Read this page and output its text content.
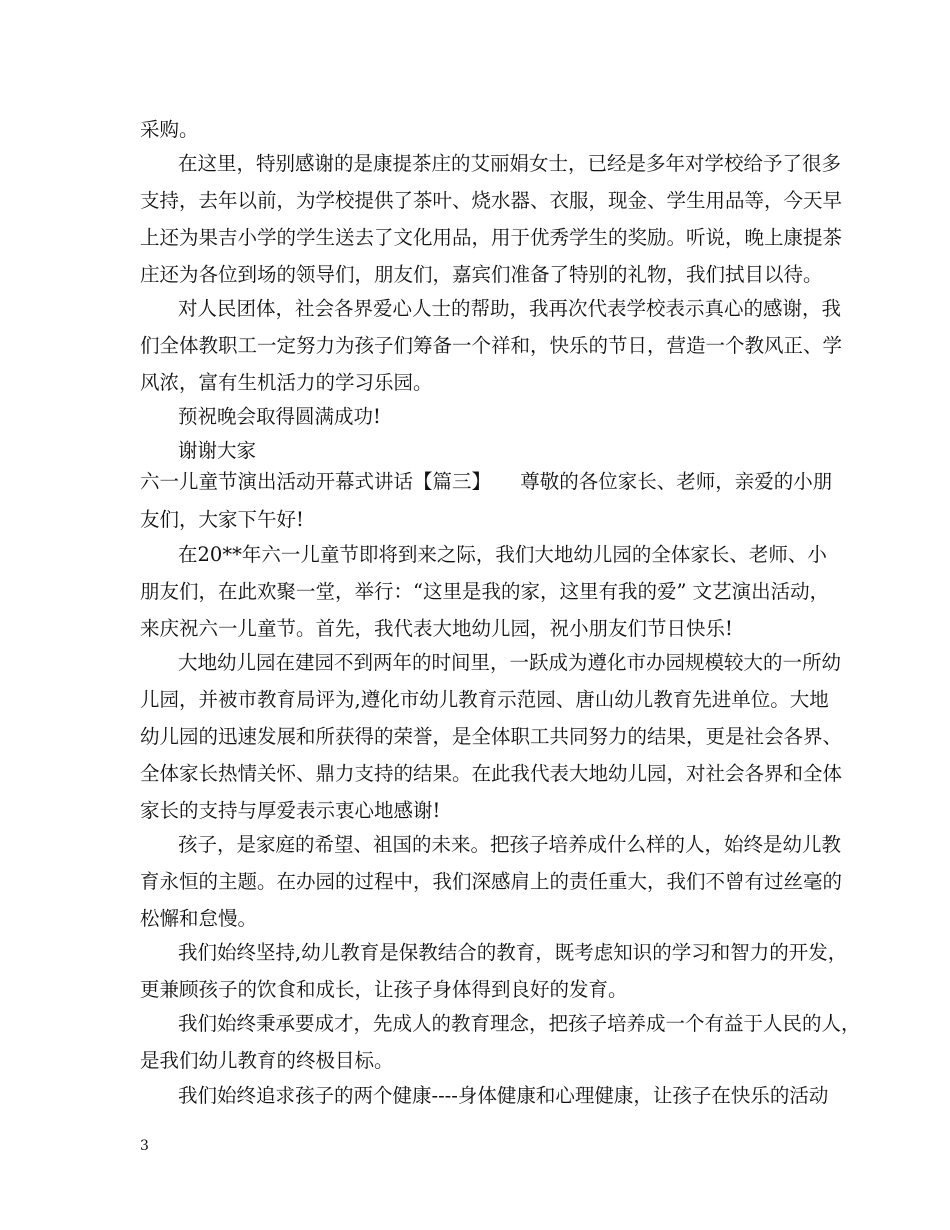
采购。
在这里，特别感谢的是康提茶庄的艾丽娟女士，已经是多年对学校给予了很多
支持，去年以前，为学校提供了茶叶、烧水器、衣服，现金、学生用品等，今天早
上还为果吉小学的学生送去了文化用品，用于优秀学生的奖励。听说，晚上康提茶
庄还为各位到场的领导们，朋友们，嘉宾们准备了特别的礼物，我们拭目以待。
对人民团体，社会各界爱心人士的帮助，我再次代表学校表示真心的感谢，我
们全体教职工一定努力为孩子们筹备一个祥和，快乐的节日，营造一个教风正、学
风浓，富有生机活力的学习乐园。
预祝晚会取得圆满成功!
谢谢大家
六一儿童节演出活动开幕式讲话【篇三】　　尊敬的各位家长、老师，亲爱的小朋
友们，大家下午好!
在20**年六一儿童节即将到来之际，我们大地幼儿园的全体家长、老师、小
朋友们，在此欢聚一堂，举行：“这里是我的家，这里有我的爱” 文艺演出活动，
来庆祝六一儿童节。首先，我代表大地幼儿园，祝小朋友们节日快乐!
大地幼儿园在建园不到两年的时间里，一跃成为遵化市办园规模较大的一所幼
儿园，并被市教育局评为,遵化市幼儿教育示范园、唐山幼儿教育先进单位。大地
幼儿园的迅速发展和所获得的荣誉，是全体职工共同努力的结果，更是社会各界、
全体家长热情关怀、鼎力支持的结果。在此我代表大地幼儿园，对社会各界和全体
家长的支持与厚爱表示衷心地感谢!
孩子，是家庭的希望、祖国的未来。把孩子培养成什么样的人，始终是幼儿教
育永恒的主题。在办园的过程中，我们深感肩上的责任重大，我们不曾有过丝毫的
松懈和怠慢。
我们始终坚持,幼儿教育是保教结合的教育，既考虑知识的学习和智力的开发，
更兼顾孩子的饮食和成长，让孩子身体得到良好的发育。
我们始终秉承要成才，先成人的教育理念，把孩子培养成一个有益于人民的人，
是我们幼儿教育的终极目标。
我们始终追求孩子的两个健康----身体健康和心理健康，让孩子在快乐的活动
3
